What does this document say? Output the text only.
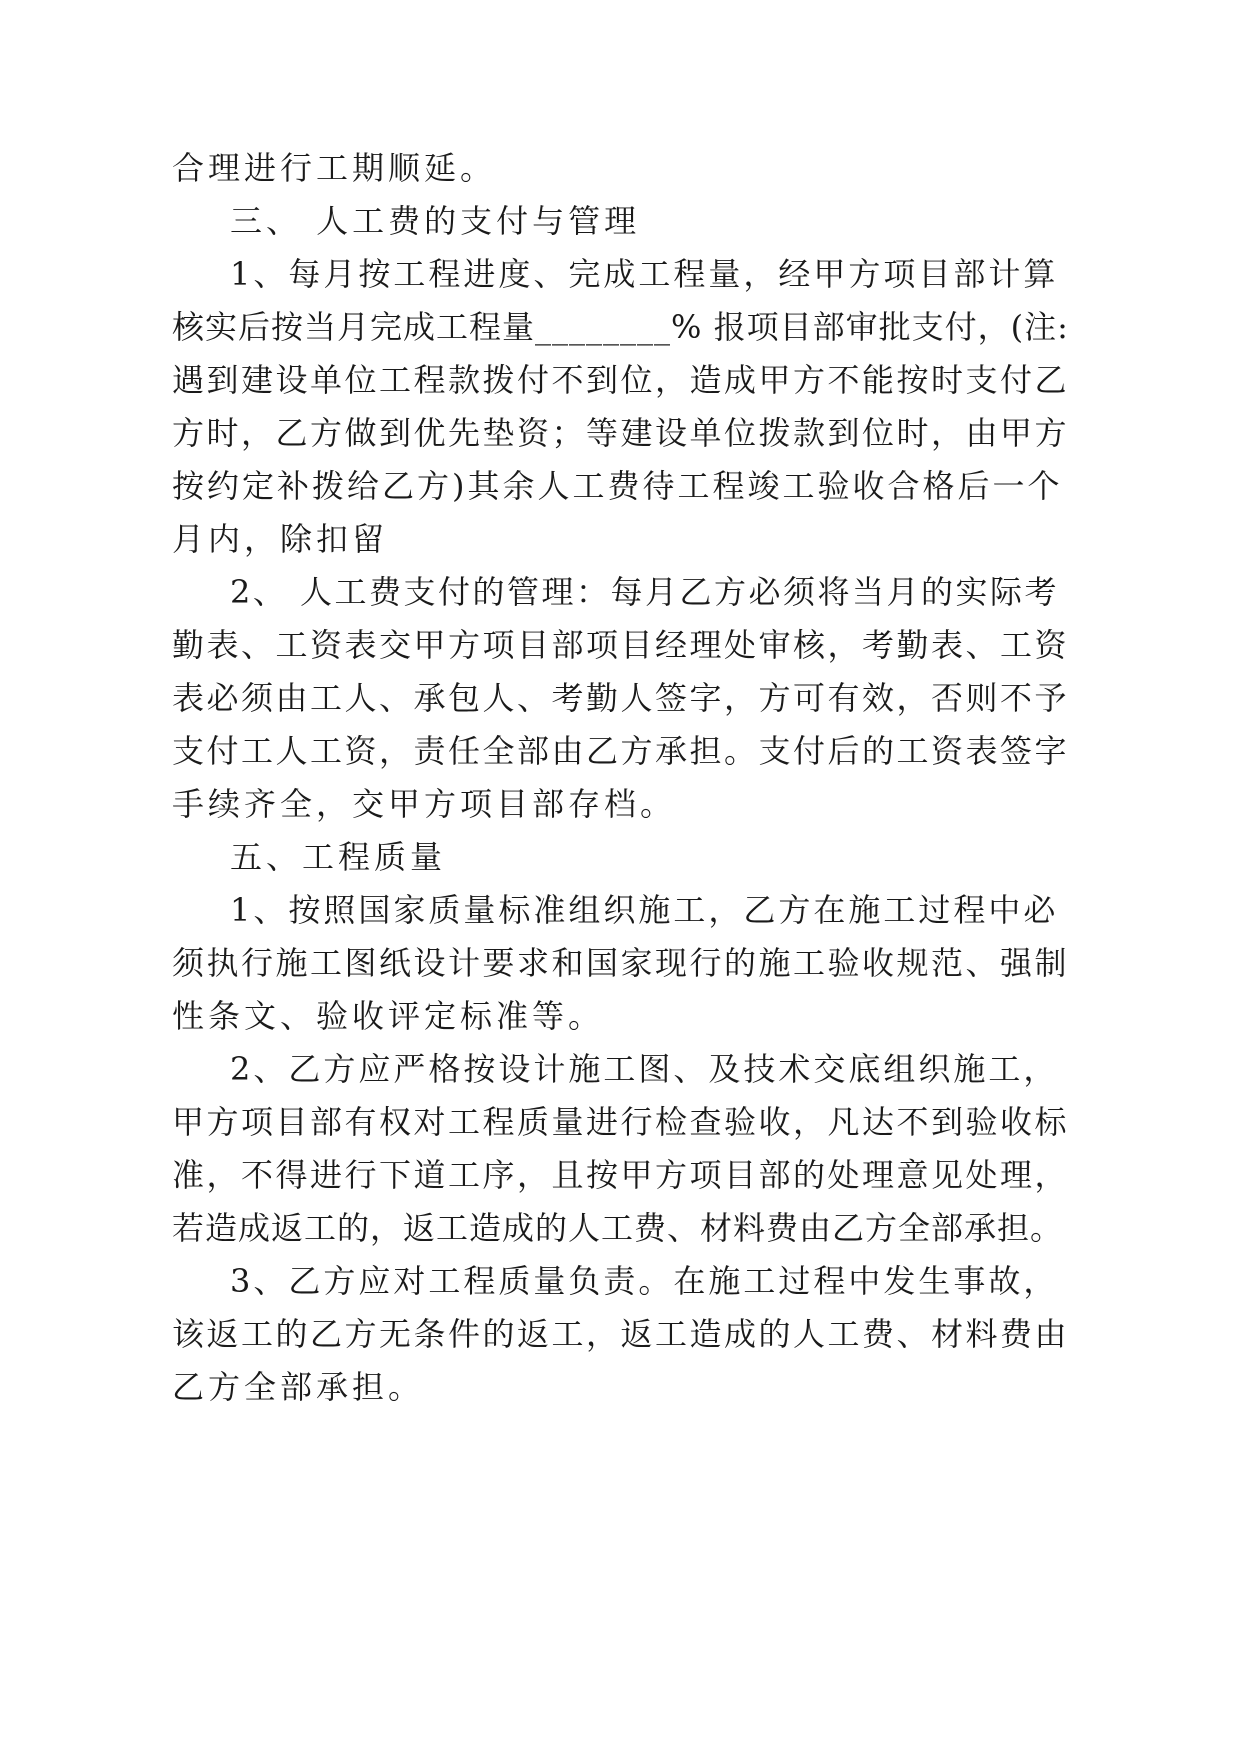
合理进行工期顺延。
三、 人工费的支付与管理
1、每月按工程进度、完成工程量，经甲方项目部计算
核实后按当月完成工程量________% 报项目部审批支付，(注:
遇到建设单位工程款拨付不到位，造成甲方不能按时支付乙
方时，乙方做到优先垫资；等建设单位拨款到位时，由甲方
按约定补拨给乙方)其余人工费待工程竣工验收合格后一个
月内，除扣留
2、 人工费支付的管理：每月乙方必须将当月的实际考
勤表、工资表交甲方项目部项目经理处审核，考勤表、工资
表必须由工人、承包人、考勤人签字，方可有效，否则不予
支付工人工资，责任全部由乙方承担。支付后的工资表签字
手续齐全，交甲方项目部存档。
五、工程质量
1、按照国家质量标准组织施工，乙方在施工过程中必
须执行施工图纸设计要求和国家现行的施工验收规范、强制
性条文、验收评定标准等。
2、乙方应严格按设计施工图、及技术交底组织施工，
甲方项目部有权对工程质量进行检查验收，凡达不到验收标
准，不得进行下道工序，且按甲方项目部的处理意见处理，
若造成返工的，返工造成的人工费、材料费由乙方全部承担。
3、乙方应对工程质量负责。在施工过程中发生事故，
该返工的乙方无条件的返工，返工造成的人工费、材料费由
乙方全部承担。
